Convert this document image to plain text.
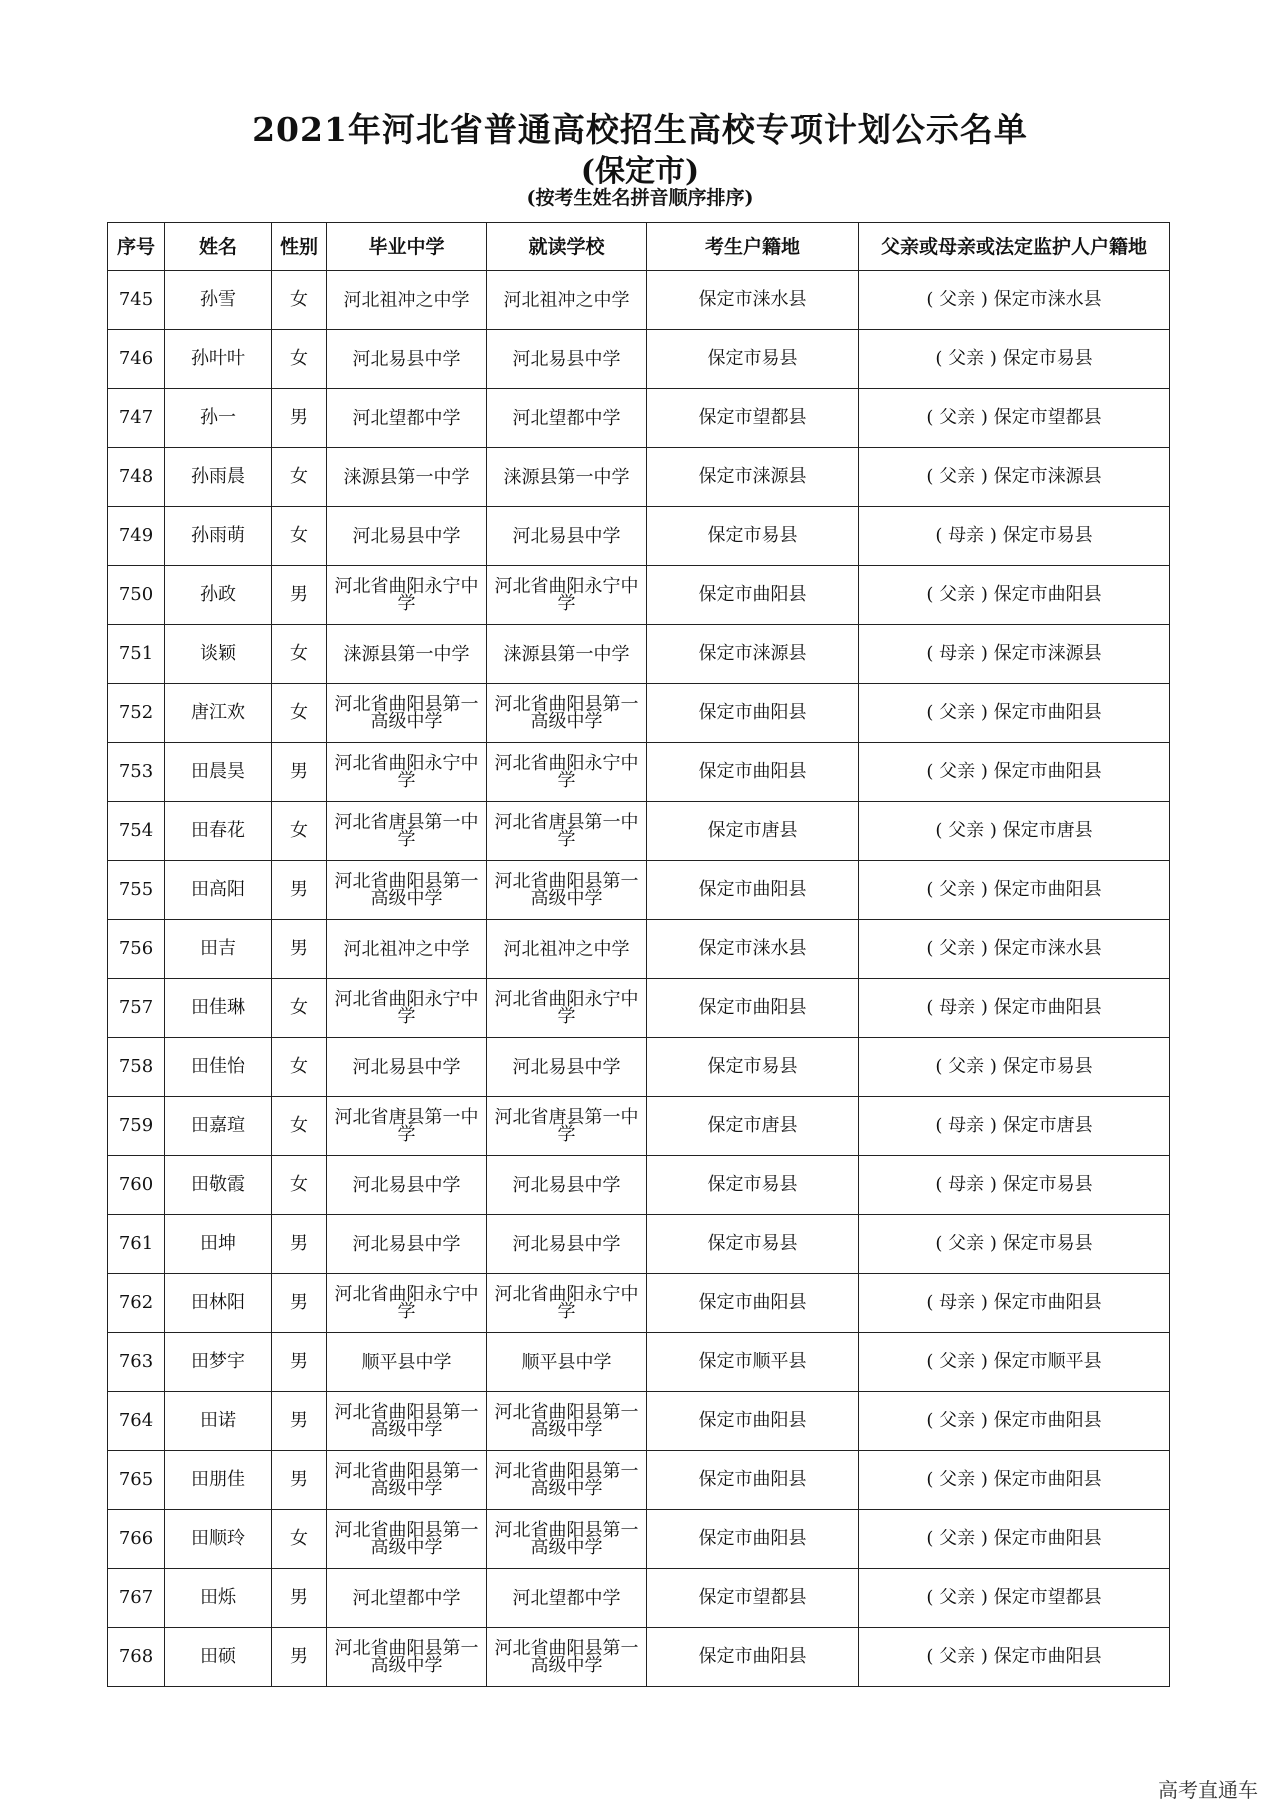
2021年河北省普通高校招生高校专项计划公示名单
(保定市)
(按考生姓名拼音顺序排序)
序号	姓名	性别	毕业中学	就读学校	考生户籍地	父亲或母亲或法定监护人户籍地
745	孙雪	女	河北祖冲之中学	河北祖冲之中学	保定市涞水县	( 父亲 ) 保定市涞水县
746	孙叶叶	女	河北易县中学	河北易县中学	保定市易县	( 父亲 ) 保定市易县
747	孙一	男	河北望都中学	河北望都中学	保定市望都县	( 父亲 ) 保定市望都县
748	孙雨晨	女	涞源县第一中学	涞源县第一中学	保定市涞源县	( 父亲 ) 保定市涞源县
749	孙雨萌	女	河北易县中学	河北易县中学	保定市易县	( 母亲 ) 保定市易县
750	孙政	男	河北省曲阳永宁中学	河北省曲阳永宁中学	保定市曲阳县	( 父亲 ) 保定市曲阳县
751	谈颖	女	涞源县第一中学	涞源县第一中学	保定市涞源县	( 母亲 ) 保定市涞源县
752	唐江欢	女	河北省曲阳县第一高级中学	河北省曲阳县第一高级中学	保定市曲阳县	( 父亲 ) 保定市曲阳县
753	田晨昊	男	河北省曲阳永宁中学	河北省曲阳永宁中学	保定市曲阳县	( 父亲 ) 保定市曲阳县
754	田春花	女	河北省唐县第一中学	河北省唐县第一中学	保定市唐县	( 父亲 ) 保定市唐县
755	田高阳	男	河北省曲阳县第一高级中学	河北省曲阳县第一高级中学	保定市曲阳县	( 父亲 ) 保定市曲阳县
756	田吉	男	河北祖冲之中学	河北祖冲之中学	保定市涞水县	( 父亲 ) 保定市涞水县
757	田佳琳	女	河北省曲阳永宁中学	河北省曲阳永宁中学	保定市曲阳县	( 母亲 ) 保定市曲阳县
758	田佳怡	女	河北易县中学	河北易县中学	保定市易县	( 父亲 ) 保定市易县
759	田嘉瑄	女	河北省唐县第一中学	河北省唐县第一中学	保定市唐县	( 母亲 ) 保定市唐县
760	田敬霞	女	河北易县中学	河北易县中学	保定市易县	( 母亲 ) 保定市易县
761	田坤	男	河北易县中学	河北易县中学	保定市易县	( 父亲 ) 保定市易县
762	田林阳	男	河北省曲阳永宁中学	河北省曲阳永宁中学	保定市曲阳县	( 母亲 ) 保定市曲阳县
763	田梦宇	男	顺平县中学	顺平县中学	保定市顺平县	( 父亲 ) 保定市顺平县
764	田诺	男	河北省曲阳县第一高级中学	河北省曲阳县第一高级中学	保定市曲阳县	( 父亲 ) 保定市曲阳县
765	田朋佳	男	河北省曲阳县第一高级中学	河北省曲阳县第一高级中学	保定市曲阳县	( 父亲 ) 保定市曲阳县
766	田顺玲	女	河北省曲阳县第一高级中学	河北省曲阳县第一高级中学	保定市曲阳县	( 父亲 ) 保定市曲阳县
767	田烁	男	河北望都中学	河北望都中学	保定市望都县	( 父亲 ) 保定市望都县
768	田硕	男	河北省曲阳县第一高级中学	河北省曲阳县第一高级中学	保定市曲阳县	( 父亲 ) 保定市曲阳县
高考直通车
